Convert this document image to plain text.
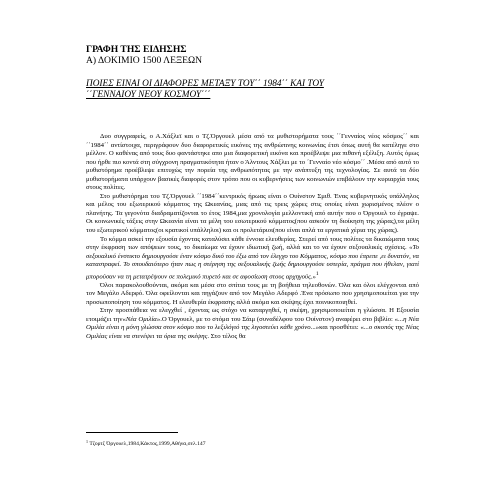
ΓΡΑΦΗ ΤΗΣ ΕΙΔΗΣΗΣ
Α) ΔΟΚΙΜΙΟ 1500 ΛΕΞΕΩΝ
ΠΟΙΕΣ ΕΙΝΑΙ ΟΙ ΔΙΑΦΟΡΕΣ ΜΕΤΑΞΥ ΤΟΥ΄΄ 1984΄΄ ΚΑΙ ΤΟΥ
΄΄ΓΕΝΝΑΙΟΥ ΝΕΟΥ ΚΟΣΜΟΥ΄΄΄

Δυο συγγραφείς, ο Α.Χάξλεϊ και ο Τζ.Όργουελ μέσα από τα μυθιστορήματα τους ΄΄Γενναίος νέος κόσμος΄΄ και ΄΄1984΄΄ αντίστοιχα, περιγράφουν δυο διαφορετικές εικόνες της ανθρώπινης κοινωνίας έτσι όπως αυτή θα κατέληγε στο μέλλον. Ο καθένας από τους δυο φαντάστηκε απο μια διαφορετική εικόνα και προέβλεψε μια πιθανή εξέλιξη. Αυτός όμως που ήρθε πιο κοντά στη σύγχρονη πραγματικότητα ήταν ο Άλντους Χάξλει με το ΄Γενναίο νέο κόσμο΄΄ .Μέσα από αυτό το μυθιστόρημα προέβλεψε επιτυχώς την πορεία της ανθρωπότητας με την ανάπτυξη της τεχνολογίας. Σε αυτά τα δύο μυθιστορήματα υπάρχουν βασικές διαφορές στον τρόπο που οι κυβερνήσεις των κοινωνιών επιβάλουν την κυριαρχία τους στους πολίτες.

Στο μυθιστόρημα του Τζ.Όργουελ ΄΄1984΄΄κεντρικός ήρωας είναι ο Ουίνστον Σμιθ. Ένας κυβερνητικός υπάλληλος και μέλος του εξωτερικού κόμματος της Ωκεανίας, μιας από τις τρεις χώρες στις οποίες είναι χωρισμένος πλέον ο πλανήτης. Τα γεγονότα διαδραματίζονται το έτος 1984,μια χρονολογία μελλοντική από αυτήν που ο Όργουελ το έγραψε. Οι κοινωνικές τάξεις στην Ωκεανία είναι τα μέλη του εσωτερικού κόμματος(που ασκούν τη διοίκηση της χώρας),τα μέλη του εξωτερικού κόμματος(οι κρατικοί υπάλληλοι) και οι προλετάριοι(που είναι απλά τα εργατικά χέρια της χώρας).

Το κόμμα ασκεί την εξουσία έχοντας καταλύσει κάθε έννοια ελευθερίας. Στερεί από τους πολίτες τα δικαιώματα τους στην έκφραση των απόψεων τους, το δικαίωμα να έχουν ιδιωτική ζωή, αλλά και το να έχουν σεξουαλικές σχέσεις. «Το σεξουαλικό ένστικτο δημιουργούσε έναν κόσμο δικό του έξω από τον έλεγχο του Κόμματος, κόσμο που έπρεπε ,ει δυνατόν, να καταστραφεί. Το σπουδαιότερο ήταν πως η στέρηση της σεξουαλικής ζωής δημιουργούσε υστερία, πράγμα που ήθελαν, γιατί μπορούσαν να τη μετατρέψουν σε πολεμικό πυρετό και σε αφοσίωση στους αρχηγούς.»$^1$

Όλοι παρακολουθούνται, ακόμα και μέσα στο σπίτια τους με τη βοήθεια τηλεοθονών. Όλα και όλοι ελέγχονται από τον Μεγάλο Αδερφό. Όλα οφείλονται και πηγάζουν από τον Μεγάλο Αδερφό .Ένα πρόσωπο που χρησιμοποιείται για την προσωποποίηση του κόμματος. Η ελευθερία έκφρασης αλλά ακόμα και σκέψης έχει ποινικοποιηθεί.

Στην προσπάθεια να ελεγχθεί , έχοντας ως στόχο να καταργηθεί, η σκέψη, χρησιμοποιείται η γλώσσα. Η Εξουσία ετοιμάζει την«Νέα Ομιλία».Ο Όργουελ, με το στόμα του Σάιμ (συναδέλφου του Ουίνστον) αναφέρει στο βιβλίο: «...η Νέα Ομιλία είναι η μόνη γλώσσα στον κόσμο που το λεξιλόγιό της λιγοστεύει κάθε χρόνο...»και προσθέτει: «...ο σκοπός της Νέας Ομιλίας είναι να στενέψει τα όρια της σκέψης. Στο τέλος θα

$^1$ Τζορτζ Όργουελ,1984,Κάκτος,1999,Αθήνα,σελ.147
